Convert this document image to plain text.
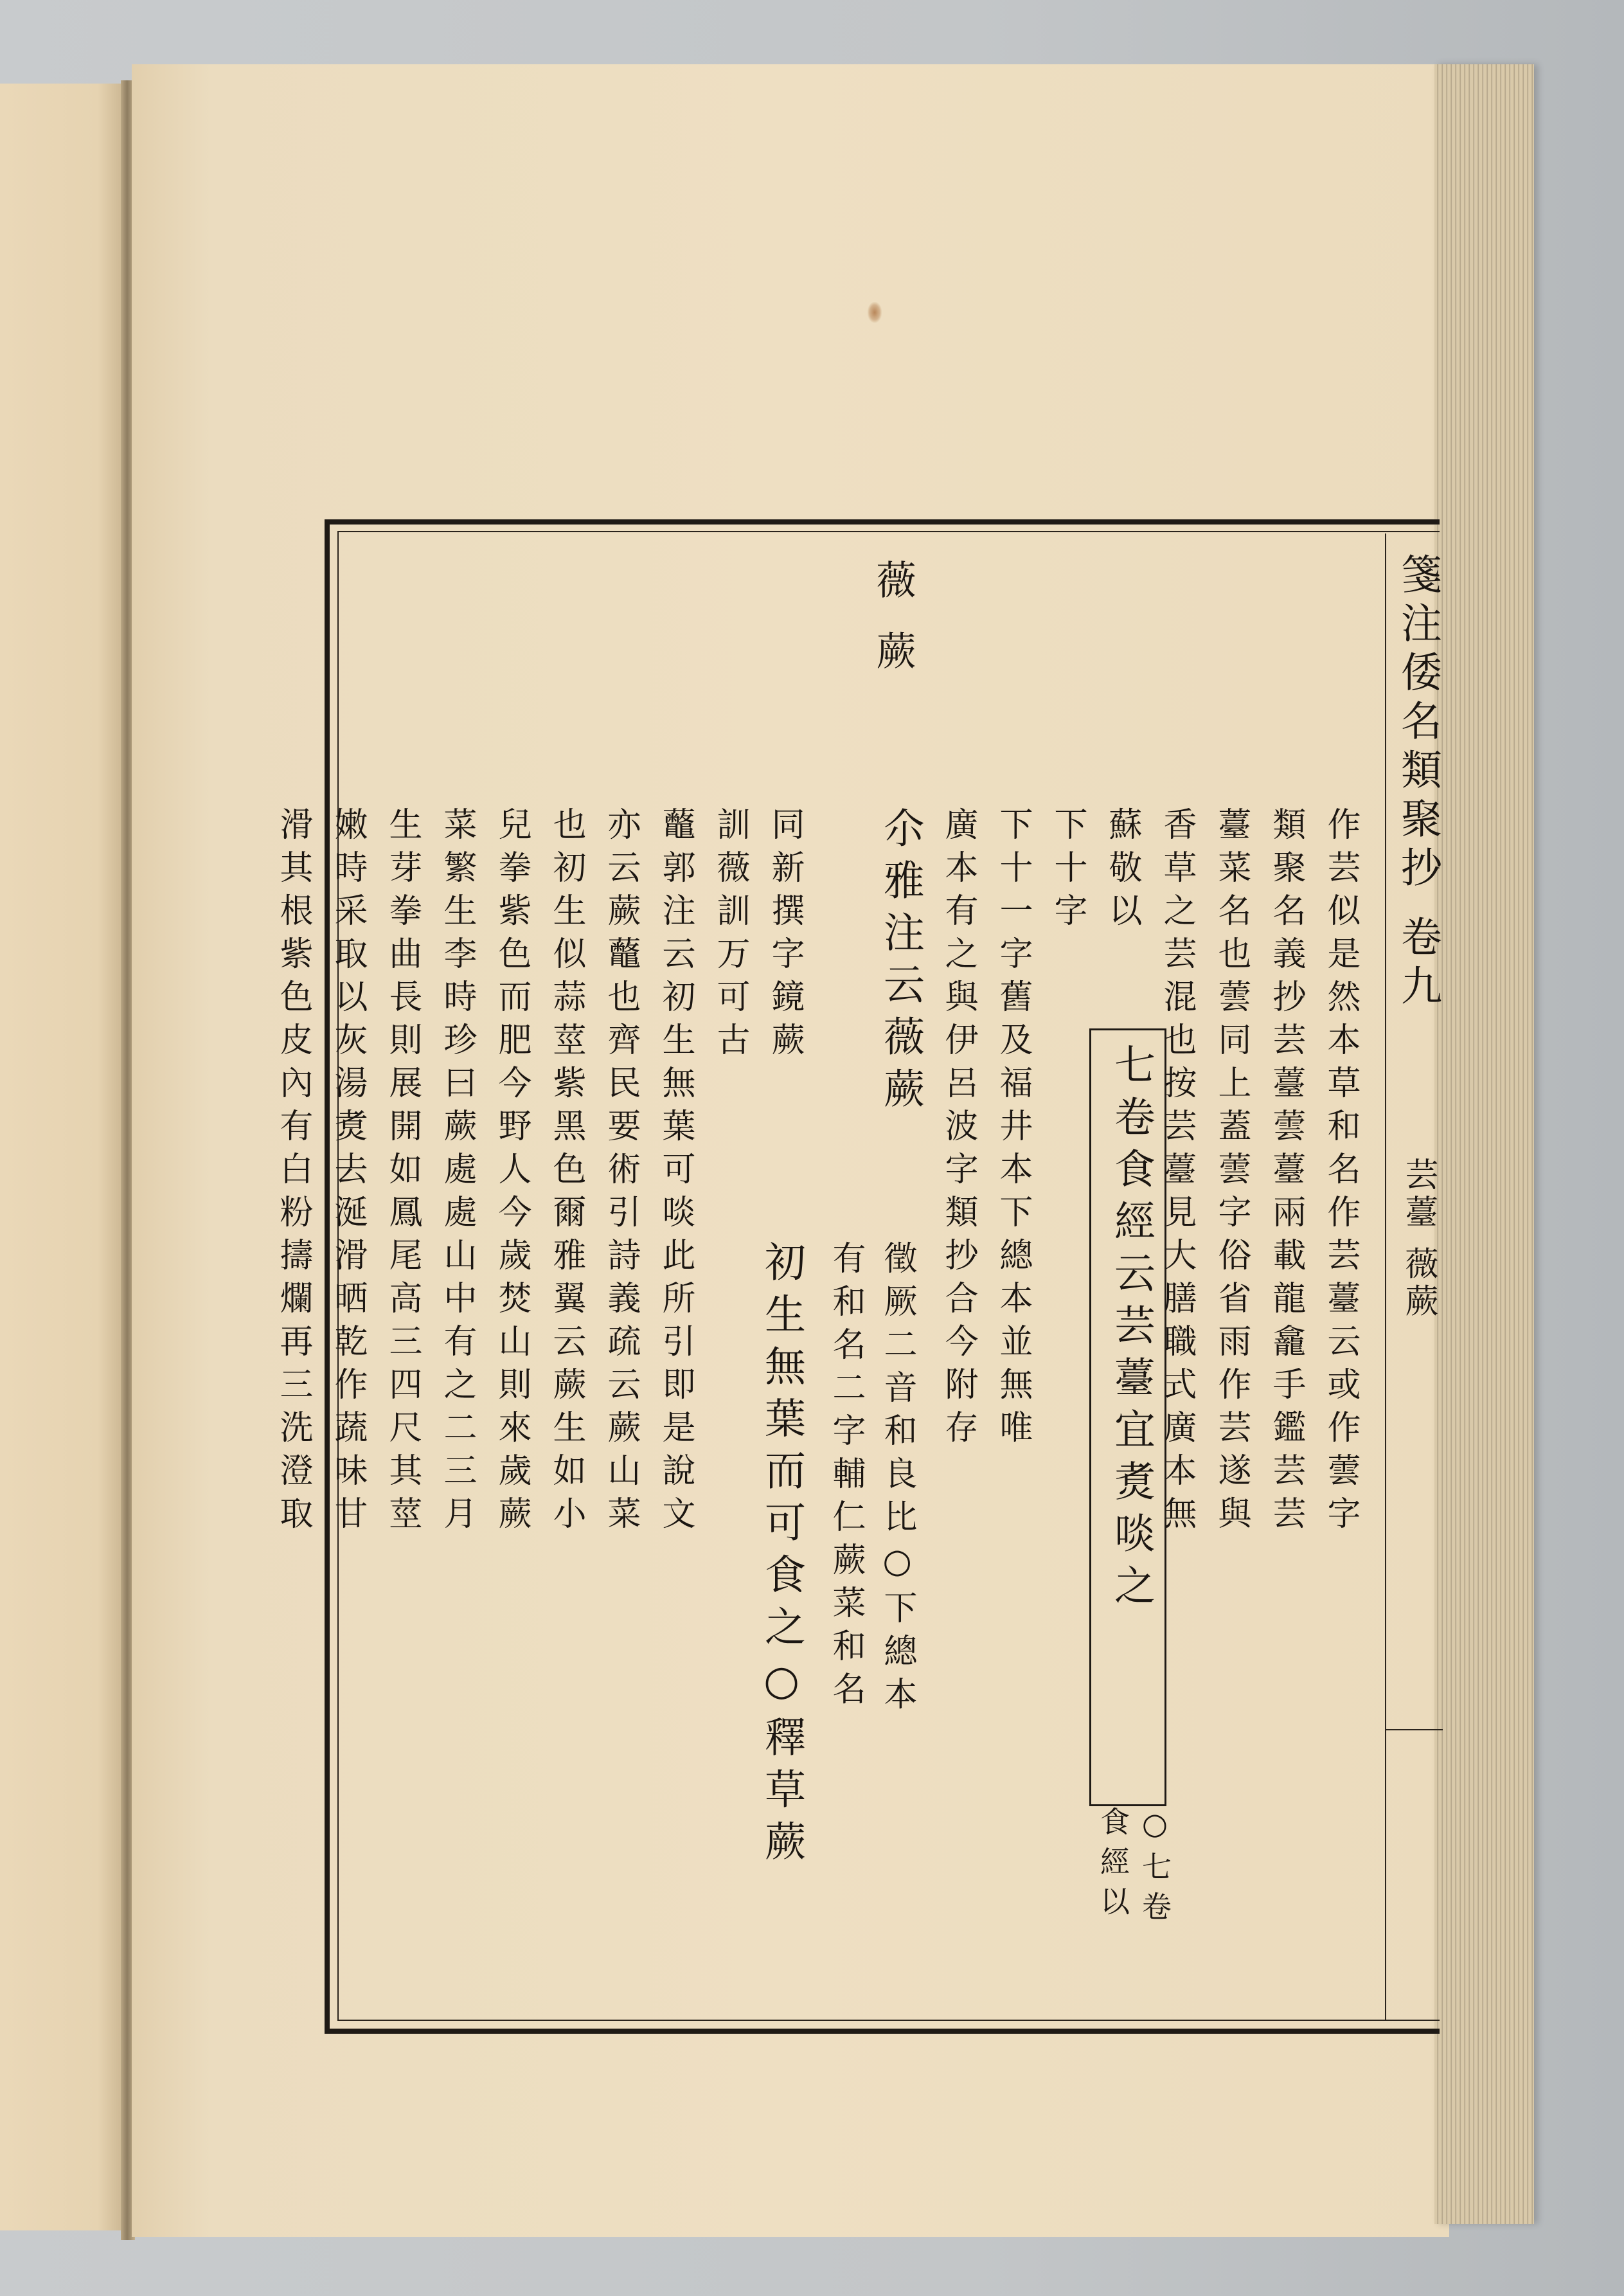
箋注倭名類聚抄 卷九
芸薹 薇蕨
薇
蕨
作芸似是然本草和名作芸薹云或作蕓字
類聚名義抄芸薹蕓薹兩載龍龕手鑑芸芸
薹菜名也蕓同上蓋蕓字俗省雨作芸遂與
香草之芸混也按芸薹見大膳職式廣本無
蘇敬以
下十字
下十一字舊及福井本下總本並無唯
廣本有之與伊呂波字類抄合今附存
尒雅注云薇蕨
徵厥二音和良比○下總本
有和名二字輔仁蕨菜和名
同新撰字鏡蕨
初生無葉而可食之○釋草蕨
訓薇訓万可古
虌郭注云初生無葉可啖此所引即是說文
亦云蕨虌也齊民要術引詩義疏云蕨山菜
也初生似蒜莖紫黑色爾雅翼云蕨生如小
兒拳紫色而肥今野人今歲焚山則來歲蕨
菜繁生李時珍曰蕨處處山中有之二三月
生芽拳曲長則展開如鳳尾高三四尺其莖
嫩時采取以灰湯煑去涎滑晒乾作蔬味甘
滑其根紫色皮內有白粉擣爛再三洗澄取	七卷食經云芸薹宜煑啖之
○七卷
食經以
